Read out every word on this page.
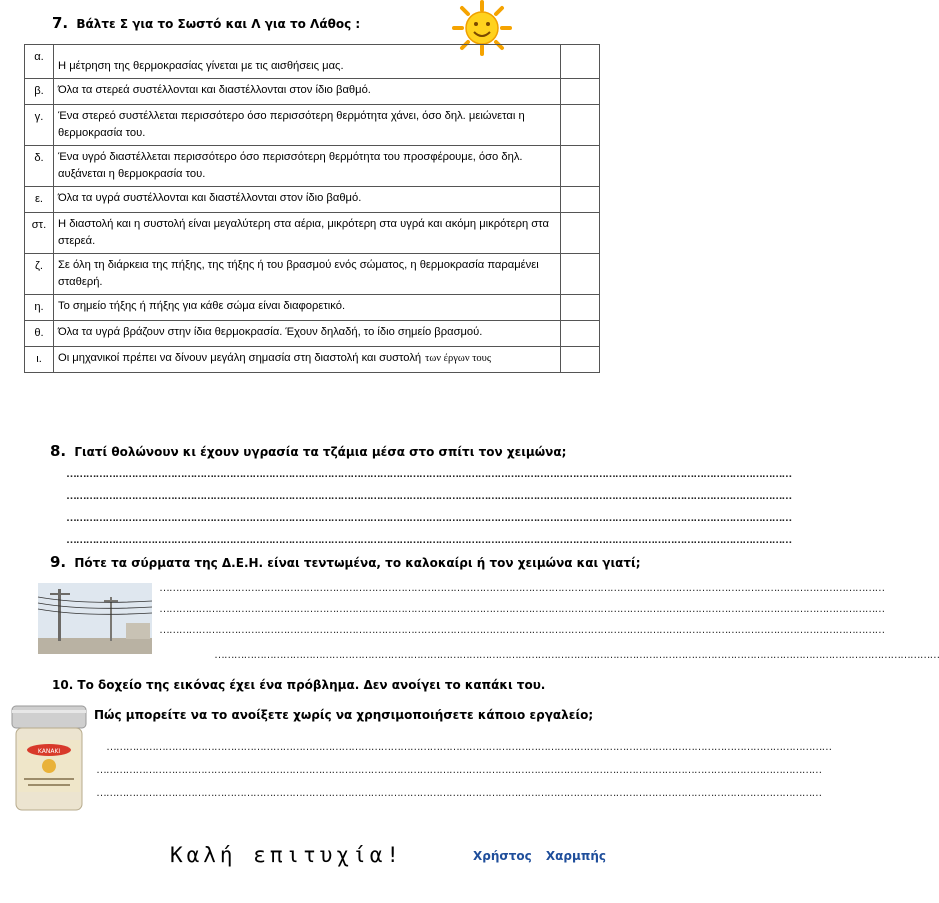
7. Βάλτε Σ για το Σωστό και Λ για το Λάθος :
α.	Η μέτρηση της θερμοκρασίας γίνεται με τις αισθήσεις μας.	
β.	Όλα τα στερεά συστέλλονται και διαστέλλονται στον ίδιο βαθμό.	
γ.	Ένα στερεό συστέλλεται περισσότερο όσο περισσότερη θερμότητα χάνει, όσο δηλ. μειώνεται η θερμοκρασία του.	
δ.	Ένα υγρό διαστέλλεται περισσότερο όσο περισσότερη θερμότητα του προσφέρουμε, όσο δηλ. αυξάνεται η θερμοκρασία του.	
ε.	Όλα τα υγρά συστέλλονται και διαστέλλονται στον ίδιο βαθμό.	
στ.	Η διαστολή και η συστολή είναι μεγαλύτερη στα αέρια, μικρότερη στα υγρά και ακόμη μικρότερη στα στερεά.	
ζ.	Σε όλη τη διάρκεια της πήξης, της τήξης ή του βρασμού ενός σώματος, η θερμοκρασία παραμένει σταθερή.	
η.	Το σημείο τήξης ή πήξης για κάθε σώμα είναι διαφορετικό.	
θ.	Όλα τα υγρά βράζουν στην ίδια θερμοκρασία. Έχουν δηλαδή, το ίδιο σημείο βρασμού.	
ι.	Οι μηχανικοί πρέπει να δίνουν μεγάλη σημασία στη διαστολή και συστολή των έργων τους	
8. Γιατί θολώνουν κι έχουν υγρασία τα τζάμια μέσα στο σπίτι τον χειμώνα;
……………………………………………………………………………………………………………………………………………………………………………………………………
……………………………………………………………………………………………………………………………………………………………………………………………………
……………………………………………………………………………………………………………………………………………………………………………………………………
……………………………………………………………………………………………………………………………………………………………………………………………………
9. Πότε τα σύρματα της Δ.Ε.Η. είναι τεντωμένα, το καλοκαίρι ή τον χειμώνα και γιατί;
……………………………………………………………………………………………………………………………………………………………………………………………………
……………………………………………………………………………………………………………………………………………………………………………………………………
……………………………………………………………………………………………………………………………………………………………………………………………………
……………………………………………………………………………………………………………………………………………………………………………………………………
10. Το δοχείο της εικόνας έχει ένα πρόβλημα. Δεν ανοίγει το καπάκι του.
Πώς μπορείτε να το ανοίξετε χωρίς να χρησιμοποιήσετε κάποιο εργαλείο;
ΚΑΝΑΚΙ	……………………………………………………………………………………………………………………………………………………………………………………………………
……………………………………………………………………………………………………………………………………………………………………………………………………
……………………………………………………………………………………………………………………………………………………………………………………………………
Καλή επιτυχία!	Χρήστος Χαρμπής
